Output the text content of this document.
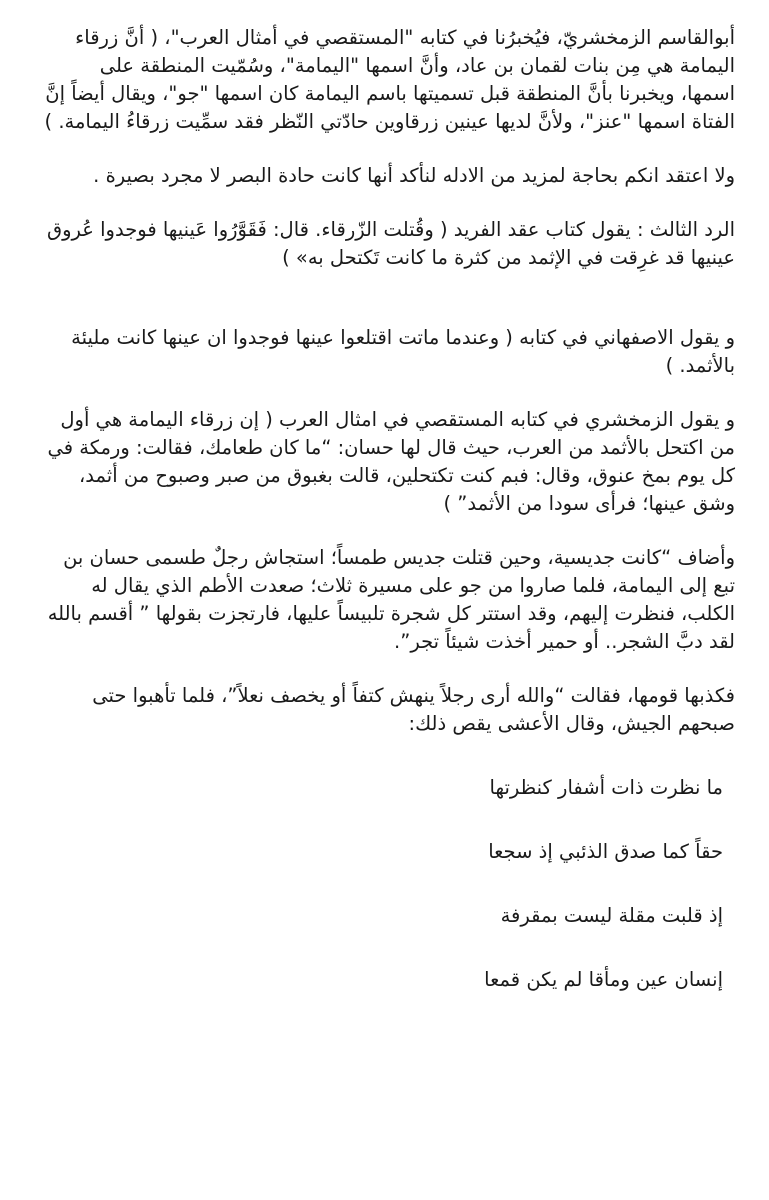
أبوالقاسم الزمخشريّ، فيُخبرُنا في كتابه "المستقصي في أمثال العرب"، ( أنَّ زرقاء اليمامة هي مِن بنات لقمان بن عاد، وأنَّ اسمها "اليمامة"، وسُمّيت المنطقة على اسمها، ويخبرنا بأنَّ المنطقة قبل تسميتها باسم اليمامة كان اسمها "جو"، ويقال أيضاً إنَّ الفتاة اسمها "عنز"، ولأنَّ لديها عينين زرقاوين حادّتي النّظر فقد سمِّيت زرقاءُ اليمامة. )

ولا اعتقد انكم بحاجة لمزيد من الادله لنأكد أنها كانت حادة البصر لا مجرد بصيرة .

الرد الثالث : يقول كتاب عقد الفريد ( وقُتلت الزّرقاء. قال: فَقَوَّرُوا عَينيها فوجدوا عُروق عينيها قد غرِقت في الإثمد من كثرة ما كانت تَكتحل به» )

و يقول الاصفهاني في كتابه ( وعندما ماتت اقتلعوا عينها فوجدوا ان عينها كانت مليئة بالأثمد. )

و يقول الزمخشري في كتابه المستقصي في امثال العرب ( إن زرقاء اليمامة هي أول من اكتحل بالأثمد من العرب، حيث قال لها حسان: “ما كان طعامك، فقالت: ورمكة في كل يوم بمخ عنوق، وقال: فبم كنت تكتحلين، قالت بغبوق من صبر وصبوح من أثمد، وشق عينها؛ فرأى سودا من الأثمد” )

وأضاف “كانت جديسية، وحين قتلت جديس طمساً؛ استجاش رجلٌ طسمى حسان بن تبع إلى اليمامة، فلما صاروا من جو على مسيرة ثلاث؛ صعدت الأطم الذي يقال له الكلب، فنظرت إليهم، وقد استتر كل شجرة تلبيساً عليها، فارتجزت بقولها ” أقسم بالله لقد دبَّ الشجر.. أو حمير أخذت شيئاً تجر”.

فكذبها قومها، فقالت “والله أرى رجلاً ينهش كتفاً أو يخصف نعلاً”، فلما تأهبوا حتى صبحهم الجيش، وقال الأعشى يقص ذلك:

ما نظرت ذات أشفار كنظرتها

حقاً كما صدق الذئبي إذ سجعا

إذ قلبت مقلة ليست بمقرفة

إنسان عين ومأقا لم يكن قمعا
